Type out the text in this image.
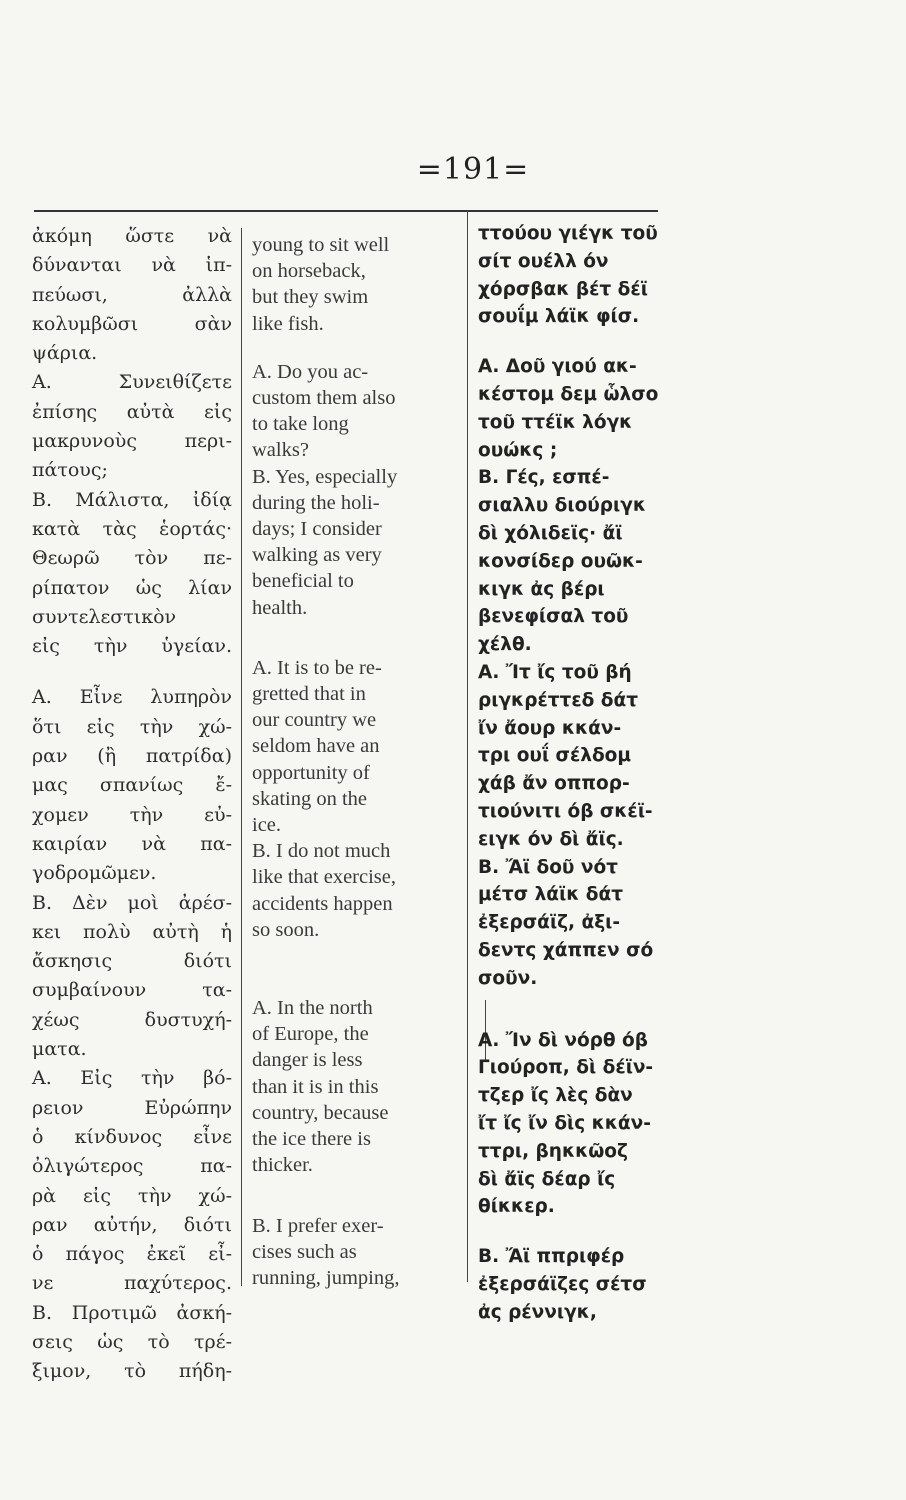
=191=

ἀκόμη ὥστε νὰ
δύνανται νὰ ἱπ-
πεύωσι, ἀλλὰ
κολυμβῶσι σὰν
ψάρια.

Α. Συνειθίζετε
ἐπίσης αὐτὰ εἰς
μακρυνοὺς περι-
πάτους;

Β. Μάλιστα, ἰδίᾳ
κατὰ τὰς ἑορτάς·
Θεωρῶ τὸν πε-
ρίπατον ὡς λίαν
συντελεστικὸν
εἰς τὴν ὑγείαν.

Α. Εἶνε λυπηρὸν
ὅτι εἰς τὴν χώ-
ραν (ἢ πατρίδα)
μας σπανίως ἔ-
χομεν τὴν εὐ-
καιρίαν νὰ πα-
γοδρομῶμεν.

Β. Δὲν μοὶ ἀρέσ-
κει πολὺ αὐτὴ ἡ
ἄσκησις διότι
συμβαίνουν τα-
χέως δυστυχή-
ματα.

Α. Εἰς τὴν βό-
ρειον Εὐρώπην
ὁ κίνδυνος εἶνε
ὀλιγώτερος πα-
ρὰ εἰς τὴν χώ-
ραν αὐτήν, διότι
ὁ πάγος ἐκεῖ εἶ-
νε παχύτερος.

Β. Προτιμῶ ἀσκή-
σεις ὡς τὸ τρέ-
ξιμον, τὸ πήδη-

young to sit well
on horseback,
but they swim
like fish.

A. Do you ac-
custom them also
to take long
walks?

B. Yes, especially
during the holi-
days; I consider
walking as very
beneficial to
health.

A. It is to be re-
gretted that in
our country we
seldom have an
opportunity of
skating on the
ice.

B. I do not much
like that exercise,
accidents happen
so soon.

A. In the north
of Europe, the
danger is less
than it is in this
country, because
the ice there is
thicker.

B. I prefer exer-
cises such as
running, jumping,

ττούου γιέγκ τοῦ
σίτ ουέλλ όν
χόρσβακ βέτ δέϊ
σουΐμ λάϊκ φίσ.

Α. Δοῦ γιού ακ-
κέστομ δεμ ὧλσο
τοῦ ττέϊκ λόγκ
ουώκς ;

Β. Γές, εσπέ-
σιαλλυ διούριγκ
δὶ χόλιδεϊς· ἄϊ
κονσίδερ ουῶκ-
κιγκ ἀς βέρι
βενεφίσαλ τοῦ
χέλθ.

Α. Ἴτ ἴς τοῦ βή
ριγκρέττεδ δάτ
ἴν ἄουρ κκάν-
τρι ουΐ σέλδομ
χάβ ἄν οππορ-
τιούνιτι όβ σκέϊ-
ειγκ όν δὶ ἄϊς.

Β. Ἄϊ δοῦ νότ
μέτσ λάϊκ δάτ
ἐξερσάϊζ, ἀξι-
δεντς χάππεν σό
σοῦν.

Α. Ἴν δὶ νόρθ όβ
Γιούροπ, δὶ δέϊν-
τζερ ἴς λὲς δὰν
ἴτ ἴς ἴν δὶς κκάν-
ττρι, βηκκῶοζ
δὶ ἄϊς δέαρ ἴς
θίκκερ.

Β. Ἄϊ ππριφέρ
ἐξερσάϊζες σέτσ
ἀς ρέννιγκ,
